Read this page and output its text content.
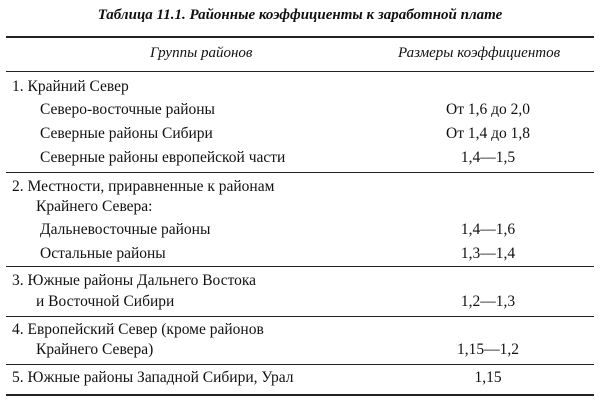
Таблица 11.1. Районные коэффициенты к заработной плате
Группы районов	Размеры коэффициентов
1. Крайний Север
Северо-восточные районы	От 1,6 до 2,0
Северные районы Сибири	От 1,4 до 1,8
Северные районы европейской части	1,4—1,5
2. Местности, приравненные к районам
Крайнего Севера:
Дальневосточные районы	1,4—1,6
Остальные районы	1,3—1,4
3. Южные районы Дальнего Востока
и Восточной Сибири	1,2—1,3
4. Европейский Север (кроме районов
Крайнего Севера)	1,15—1,2
5. Южные районы Западной Сибири, Урал	1,15
